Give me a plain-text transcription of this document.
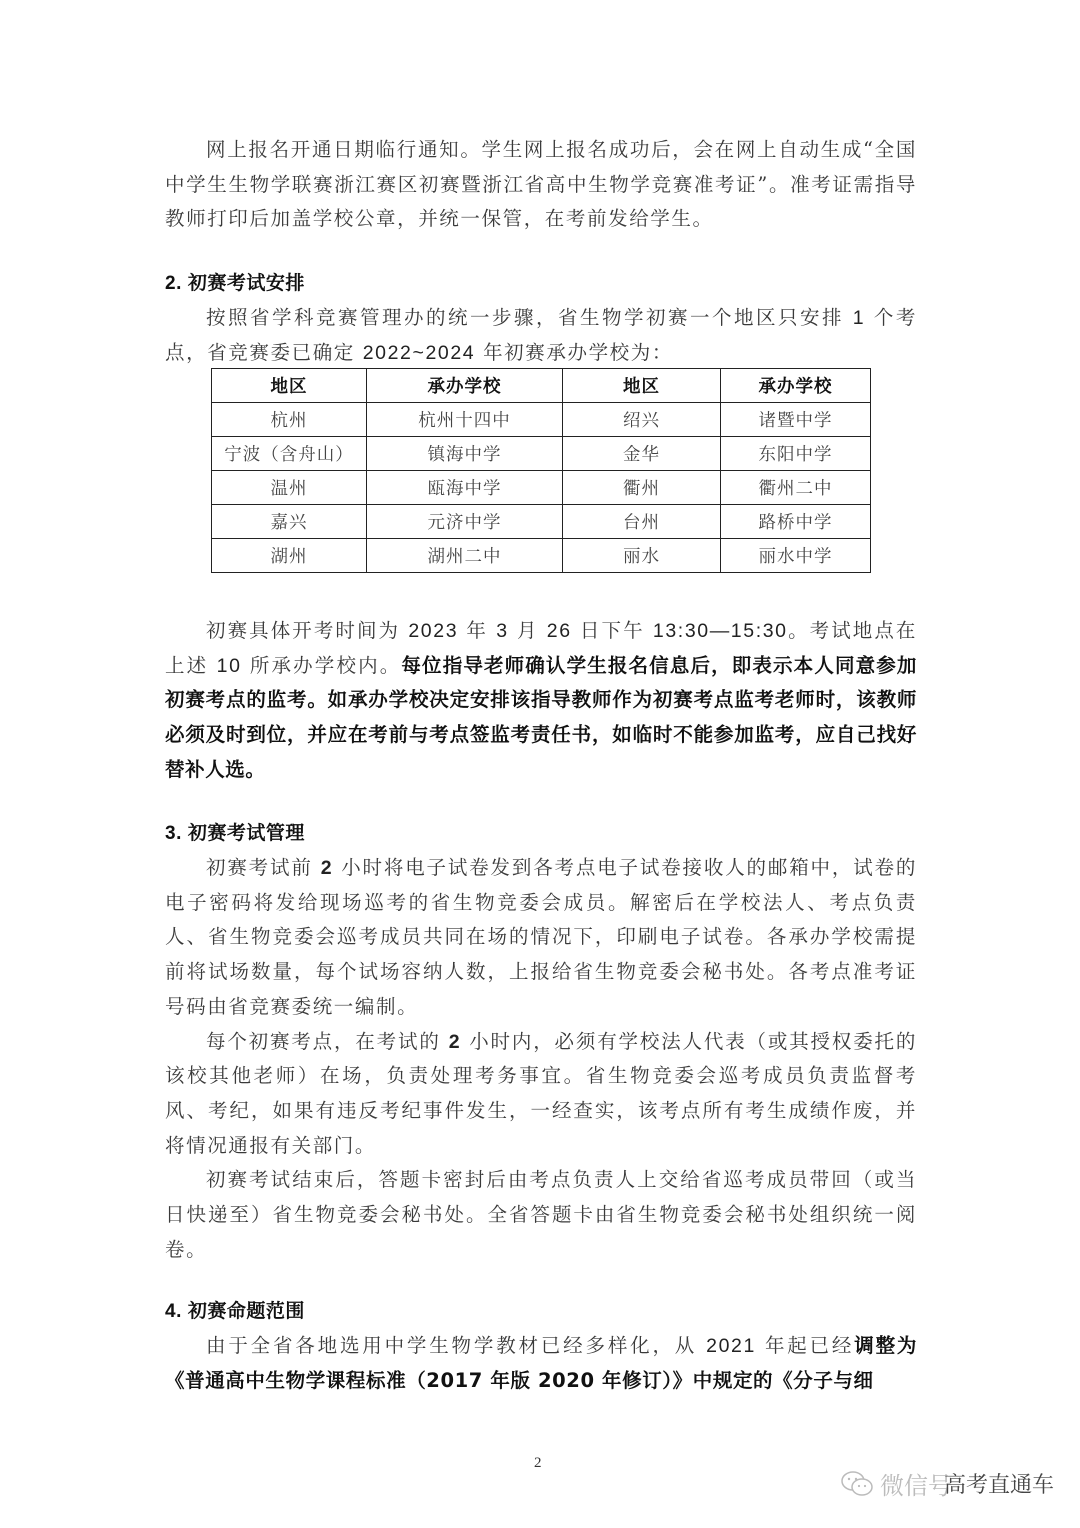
网上报名开通日期临行通知。学生网上报名成功后，会在网上自动生成“全国中学生生物学联赛浙江赛区初赛暨浙江省高中生物学竞赛准考证”。准考证需指导教师打印后加盖学校公章，并统一保管，在考前发给学生。

2. 初赛考试安排

按照省学科竞赛管理办的统一步骤，省生物学初赛一个地区只安排 1 个考点，省竞赛委已确定 2022~2024 年初赛承办学校为：

初赛具体开考时间为 2023 年 3 月 26 日下午 13:30—15:30。考试地点在上述 10 所承办学校内。每位指导老师确认学生报名信息后，即表示本人同意参加初赛考点的监考。如承办学校决定安排该指导教师作为初赛考点监考老师时，该教师必须及时到位，并应在考前与考点签监考责任书，如临时不能参加监考，应自己找好替补人选。

3. 初赛考试管理

初赛考试前 2 小时将电子试卷发到各考点电子试卷接收人的邮箱中，试卷的电子密码将发给现场巡考的省生物竞委会成员。解密后在学校法人、考点负责人、省生物竞委会巡考成员共同在场的情况下，印刷电子试卷。各承办学校需提前将试场数量，每个试场容纳人数，上报给省生物竞委会秘书处。各考点准考证号码由省竞赛委统一编制。

每个初赛考点，在考试的 2 小时内，必须有学校法人代表（或其授权委托的该校其他老师）在场，负责处理考务事宜。省生物竞委会巡考成员负责监督考风、考纪，如果有违反考纪事件发生，一经查实，该考点所有考生成绩作废，并将情况通报有关部门。

初赛考试结束后，答题卡密封后由考点负责人上交给省巡考成员带回（或当日快递至）省生物竞委会秘书处。全省答题卡由省生物竞委会秘书处组织统一阅卷。

4. 初赛命题范围

由于全省各地选用中学生物学教材已经多样化，从 2021 年起已经调整为《普通高中生物学课程标准（2017 年版 2020 年修订）》中规定的《分子与细

地区	承办学校	地区	承办学校
杭州	杭州十四中	绍兴	诸暨中学
宁波（含舟山）	镇海中学	金华	东阳中学
温州	瓯海中学	衢州	衢州二中
嘉兴	元济中学	台州	路桥中学
湖州	湖州二中	丽水	丽水中学
2
微信号
高考直通车
